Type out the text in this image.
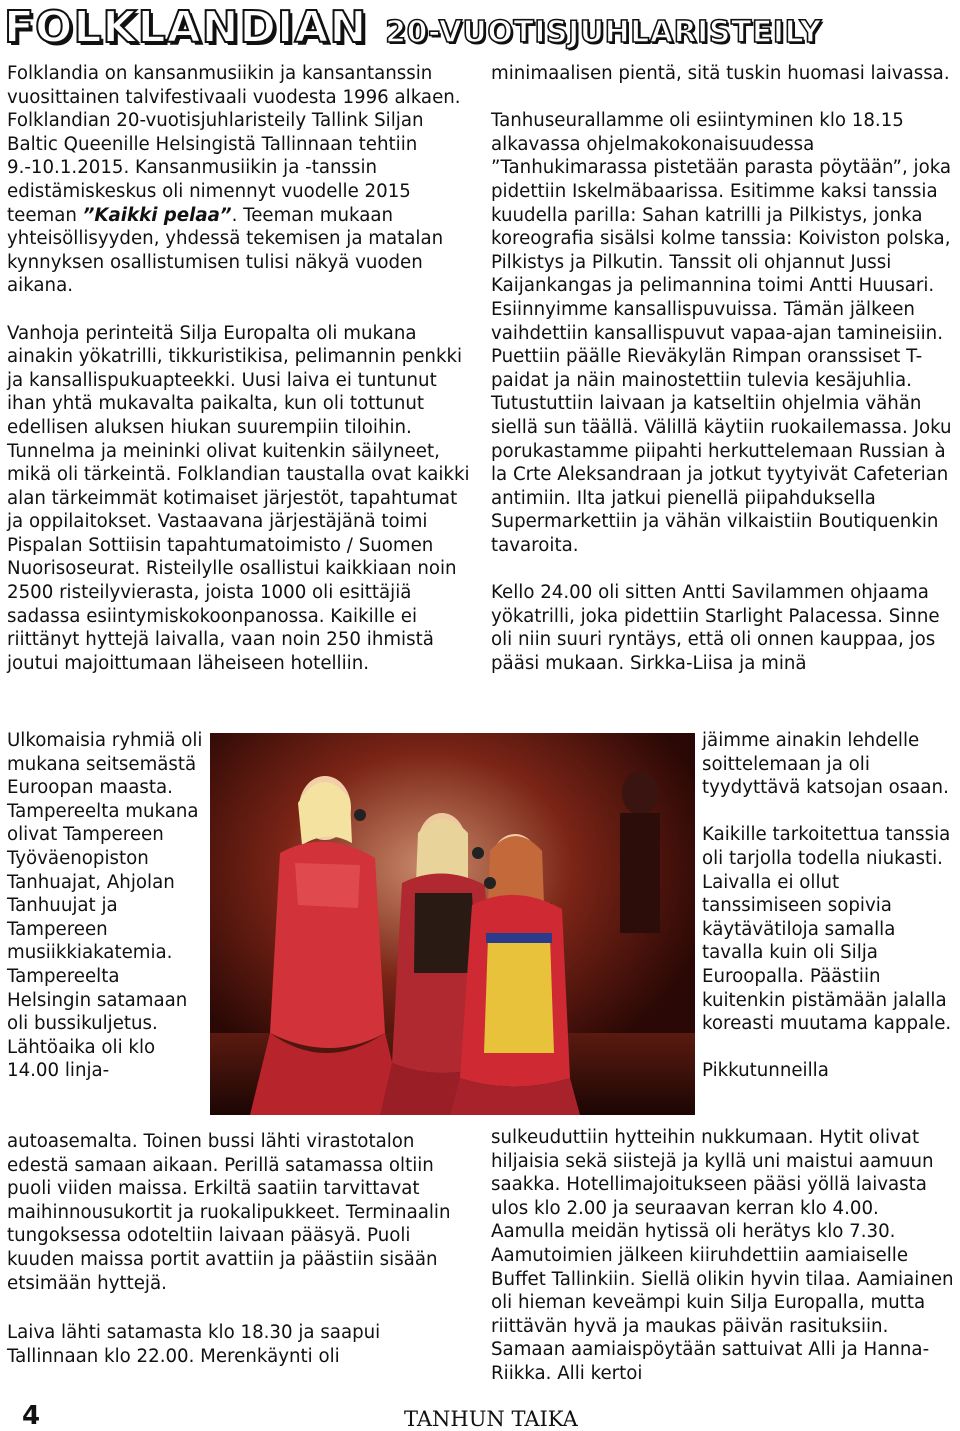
FOLKLANDIAN 20-VUOTISJUHLARISTEILY

Folklandia on kansanmusiikin ja kansantanssin vuosittainen talvifestivaali vuodesta 1996 alkaen. Folklandian 20-vuotisjuhlaristeily Tallink Siljan Baltic Queenille Helsingistä Tallinnaan tehtiin 9.-10.1.2015. Kansanmusiikin ja -tanssin edistämiskeskus oli nimennyt vuodelle 2015 teeman ”Kaikki pelaa”. Teeman mukaan yhteisöllisyyden, yhdessä tekemisen ja matalan kynnyksen osallistumisen tulisi näkyä vuoden aikana.

Vanhoja perinteitä Silja Europalta oli mukana ainakin yökatrilli, tikkuristikisa, pelimannin penkki ja kansallispukuapteekki. Uusi laiva ei tuntunut ihan yhtä mukavalta paikalta, kun oli tottunut edellisen aluksen hiukan suurempiin tiloihin. Tunnelma ja meininki olivat kuitenkin säilyneet, mikä oli tärkeintä. Folklandian taustalla ovat kaikki alan tärkeimmät kotimaiset järjestöt, tapahtumat ja oppilaitokset. Vastaavana järjestäjänä toimi Pispalan Sottiisin tapahtumatoimisto / Suomen Nuorisoseurat. Risteilylle osallistui kaikkiaan noin 2500 risteilyvierasta, joista 1000 oli esittäjiä sadassa esiintymiskokoonpanossa. Kaikille ei riittänyt hyttejä laivalla, vaan noin 250 ihmistä joutui majoittumaan läheiseen hotelliin.

Ulkomaisia ryhmiä oli mukana seitsemästä Euroopan maasta. Tampereelta mukana olivat Tampereen Työväenopiston Tanhuajat, Ahjolan Tanhuujat ja Tampereen musiikkiakatemia. Tampereelta Helsingin satamaan oli bussikuljetus. Lähtöaika oli klo 14.00 linja-
autoasemalta. Toinen bussi lähti virastotalon edestä samaan aikaan. Perillä satamassa oltiin puoli viiden maissa. Erkiltä saatiin tarvittavat maihinnousukortit ja ruokalipukkeet. Terminaalin tungoksessa odoteltiin laivaan pääsyä. Puoli kuuden maissa portit avattiin ja päästiin sisään etsimään hyttejä.
Laiva lähti satamasta klo 18.30 ja saapui Tallinnaan klo 22.00. Merenkäynti oli

minimaalisen pientä, sitä tuskin huomasi laivassa.

Tanhuseurallamme oli esiintyminen klo 18.15 alkavassa ohjelmakokonaisuudessa ”Tanhukimarassa pistetään parasta pöytään”, joka pidettiin Iskelmäbaarissa. Esitimme kaksi tanssia kuudella parilla: Sahan katrilli ja Pilkistys, jonka koreografia sisälsi kolme tanssia: Koiviston polska, Pilkistys ja Pilkutin. Tanssit oli ohjannut Jussi Kaijankangas ja pelimannina toimi Antti Huusari. Esiinnyimme kansallispuvuissa. Tämän jälkeen vaihdettiin kansallispuvut vapaa-ajan tamineisiin. Puettiin päälle Rieväkylän Rimpan oranssiset T-paidat ja näin mainostettiin tulevia kesäjuhlia. Tutustuttiin laivaan ja katseltiin ohjelmia vähän siellä sun täällä. Välillä käytiin ruokailemassa. Joku porukastamme piipahti herkuttelemaan Russian à la Crte Aleksandraan ja jotkut tyytyivät Cafeterian antimiin. Ilta jatkui pienellä piipahduksella Supermarkettiin ja vähän vilkaistiin Boutiquenkin tavaroita.

Kello 24.00 oli sitten Antti Savilammen ohjaama yökatrilli, joka pidettiin Starlight Palacessa. Sinne oli niin suuri ryntäys, että oli onnen kauppaa, jos pääsi mukaan. Sirkka-Liisa ja minä

jäimme ainakin lehdelle soittelemaan ja oli tyydyttävä katsojan osaan.

Kaikille tarkoitettua tanssia oli tarjolla todella niukasti. Laivalla ei ollut tanssimiseen sopivia käytävätiloja samalla tavalla kuin oli Silja Euroopalla. Päästiin kuitenkin pistämään jalalla koreasti muutama kappale.

Pikkutunneilla

sulkeuduttiin hytteihin nukkumaan. Hytit olivat hiljaisia sekä siistejä ja kyllä uni maistui aamuun saakka. Hotellimajoitukseen pääsi yöllä laivasta ulos klo 2.00 ja seuraavan kerran klo 4.00. Aamulla meidän hytissä oli herätys klo 7.30. Aamutoimien jälkeen kiiruhdettiin aamiaiselle Buffet Tallinkiin. Siellä olikin hyvin tilaa. Aamiainen oli hieman keveämpi kuin Silja Europalla, mutta riittävän hyvä ja maukas päivän rasituksiin. Samaan aamiaispöytään sattuivat Alli ja Hanna-Riikka. Alli kertoi
4	TANHUN TAIKA
